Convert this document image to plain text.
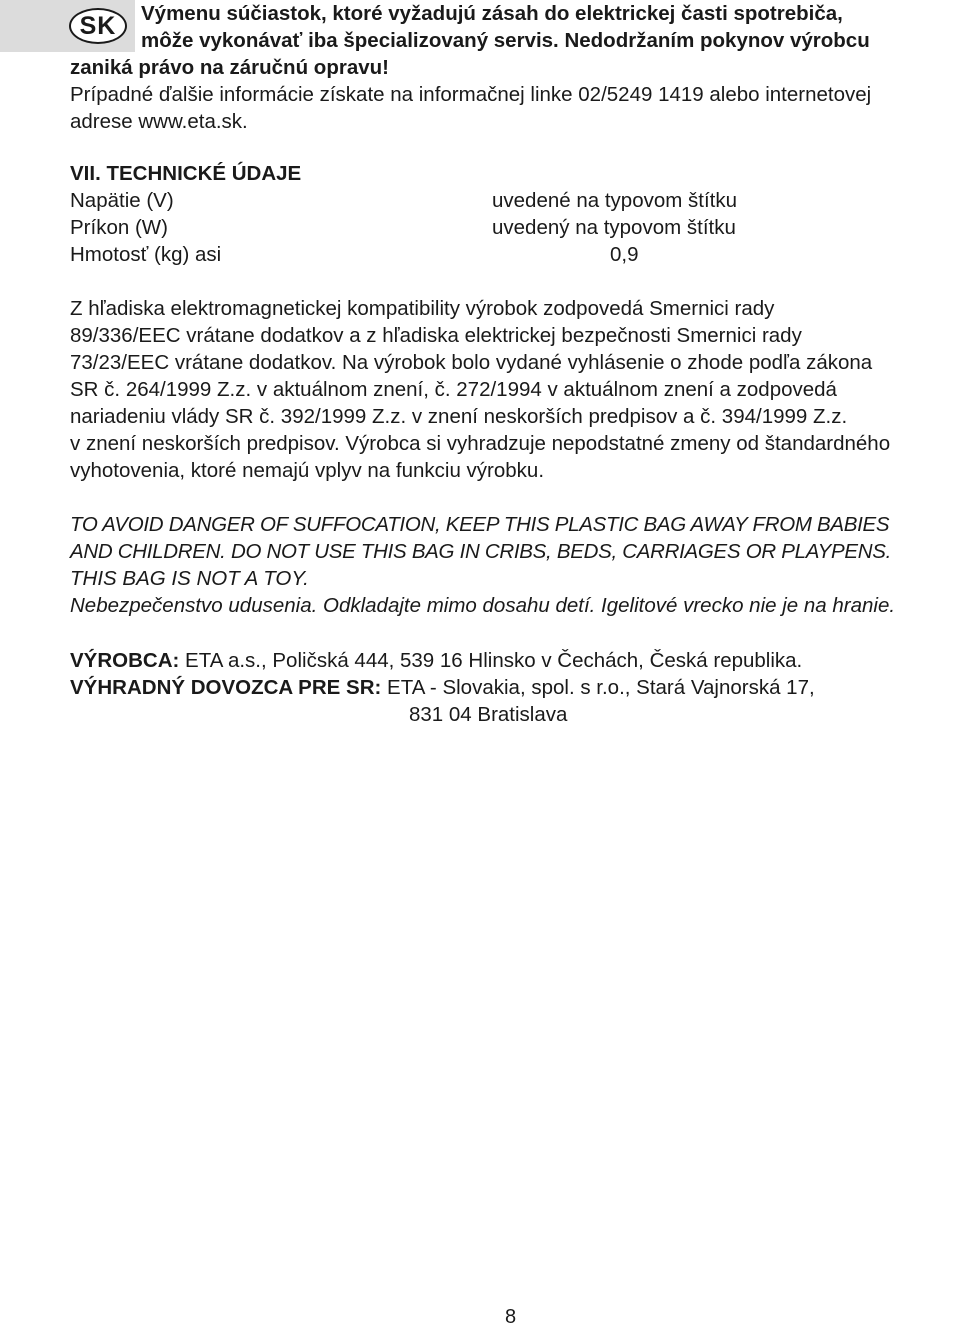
SK	Výmenu súčiastok, ktoré vyžadujú zásah do elektrickej časti spotrebiča,
môže vykonávať iba špecializovaný servis. Nedodržaním pokynov výrobcu
zaniká právo na záručnú opravu!
Prípadné ďalšie informácie získate na informačnej linke 02/5249 1419 alebo internetovej
adrese www.eta.sk.
VII. TECHNICKÉ ÚDAJE
Napätie (V)	uvedené na typovom štítku
Príkon (W)	uvedený na typovom štítku
Hmotosť (kg) asi	0,9
Z hľadiska elektromagnetickej kompatibility výrobok zodpovedá Smernici rady
89/336/EEC vrátane dodatkov a z hľadiska elektrickej bezpečnosti Smernici rady
73/23/EEC vrátane dodatkov. Na výrobok bolo vydané vyhlásenie o zhode podľa zákona
SR č. 264/1999 Z.z. v aktuálnom znení, č. 272/1994 v aktuálnom znení a zodpovedá
nariadeniu vlády SR č. 392/1999 Z.z. v znení neskorších predpisov a č. 394/1999 Z.z.
v znení neskorších predpisov. Výrobca si vyhradzuje nepodstatné zmeny od štandardného
vyhotovenia, ktoré nemajú vplyv na funkciu výrobku.
TO AVOID DANGER OF SUFFOCATION, KEEP THIS PLASTIC BAG AWAY FROM BABIES
AND CHILDREN. DO NOT USE THIS BAG IN CRIBS, BEDS, CARRIAGES OR PLAYPENS.
THIS BAG IS NOT A TOY.
Nebezpečenstvo udusenia. Odkladajte mimo dosahu detí. Igelitové vrecko nie je na hranie.
VÝROBCA: ETA a.s., Poličská 444, 539 16 Hlinsko v Čechách, Česká republika.
VÝHRADNÝ DOVOZCA PRE SR: ETA - Slovakia, spol. s r.o., Stará Vajnorská 17,
831 04 Bratislava
8
